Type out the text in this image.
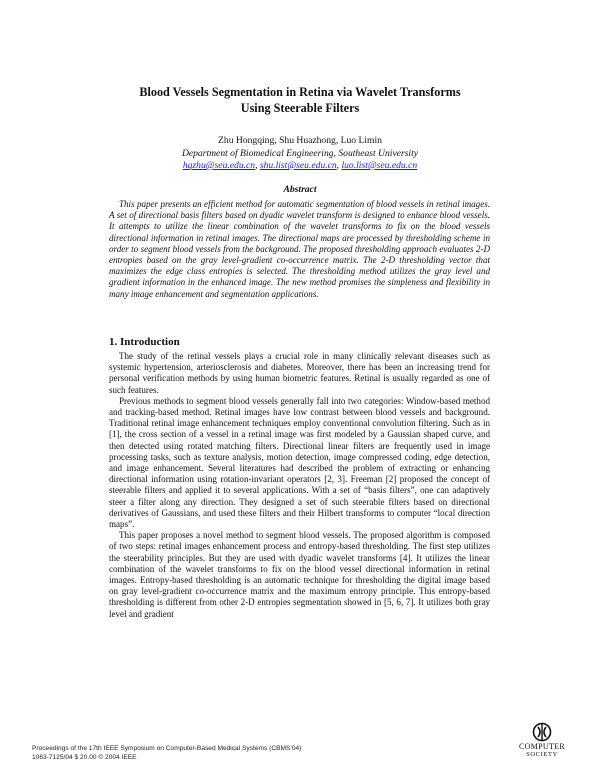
Blood Vessels Segmentation in Retina via Wavelet Transforms
Using Steerable Filters
Zhu Hongqing, Shu Huazhong, Luo Limin
Department of Biomedical Engineering, Southeast University
hqzhu@seu.edu.cn, shu.list@seu.edu.cn, luo.list@seu.edu.cn
Abstract

This paper presents an efficient method for automatic segmentation of blood vessels in retinal images. A set of directional basis filters based on dyadic wavelet transform is designed to enhance blood vessels. It attempts to utilize the linear combination of the wavelet transforms to fix on the blood vessels directional information in retinal images. The directional maps are processed by thresholding scheme in order to segment blood vessels from the background. The proposed thresholding approach evaluates 2-D entropies based on the gray level-gradient co-occurrence matrix. The 2-D thresholding vector that maximizes the edge class entropies is selected. The thresholding method utilizes the gray level and gradient information in the enhanced image. The new method promises the simpleness and flexibility in many image enhancement and segmentation applications.

1. Introduction

The study of the retinal vessels plays a crucial role in many clinically relevant diseases such as systemic hypertension, arteriosclerosis and diabetes. Moreover, there has been an increasing trend for personal verification methods by using human biometric features. Retinal is usually regarded as one of such features.

Previous methods to segment blood vessels generally fall into two categories: Window-based method and tracking-based method. Retinal images have low contrast between blood vessels and background. Traditional retinal image enhancement techniques employ conventional convolution filtering. Such as in [1], the cross section of a vessel in a retinal image was first modeled by a Gaussian shaped curve, and then detected using rotated matching filters. Directional linear filters are frequently used in image processing tasks, such as texture analysis, motion detection, image compressed coding, edge detection, and image enhancement. Several literatures had described the problem of extracting or enhancing directional information using rotation-invariant operators [2, 3]. Freeman [2] proposed the concept of steerable filters and applied it to several applications. With a set of “basis filters”, one can adaptively steer a filter along any direction. They designed a set of such steerable filters based on directional derivatives of Gaussians, and used these filters and their Hilbert transforms to computer “local direction maps”.

This paper proposes a novel method to segment blood vessels. The proposed algorithm is composed of two steps: retinal images enhancement process and entropy-based thresholding. The first step utilizes the steerability principles. But they are used with dyadic wavelet transforms [4]. It utilizes the linear combination of the wavelet transforms to fix on the blood vessel directional information in retinal images. Entropy-based thresholding is an automatic technique for thresholding the digital image based on gray level-gradient co-occurrence matrix and the maximum entropy principle. This entropy-based thresholding is different from other 2-D entropies segmentation showed in [5, 6, 7]. It utilizes both gray level and gradient

Proceedings of the 17th IEEE Symposium on Computer-Based Medical Systems (CBMS’04)
1063-7125/04 $ 20.00 © 2004 IEEE
COMPUTER
SOCIETY
